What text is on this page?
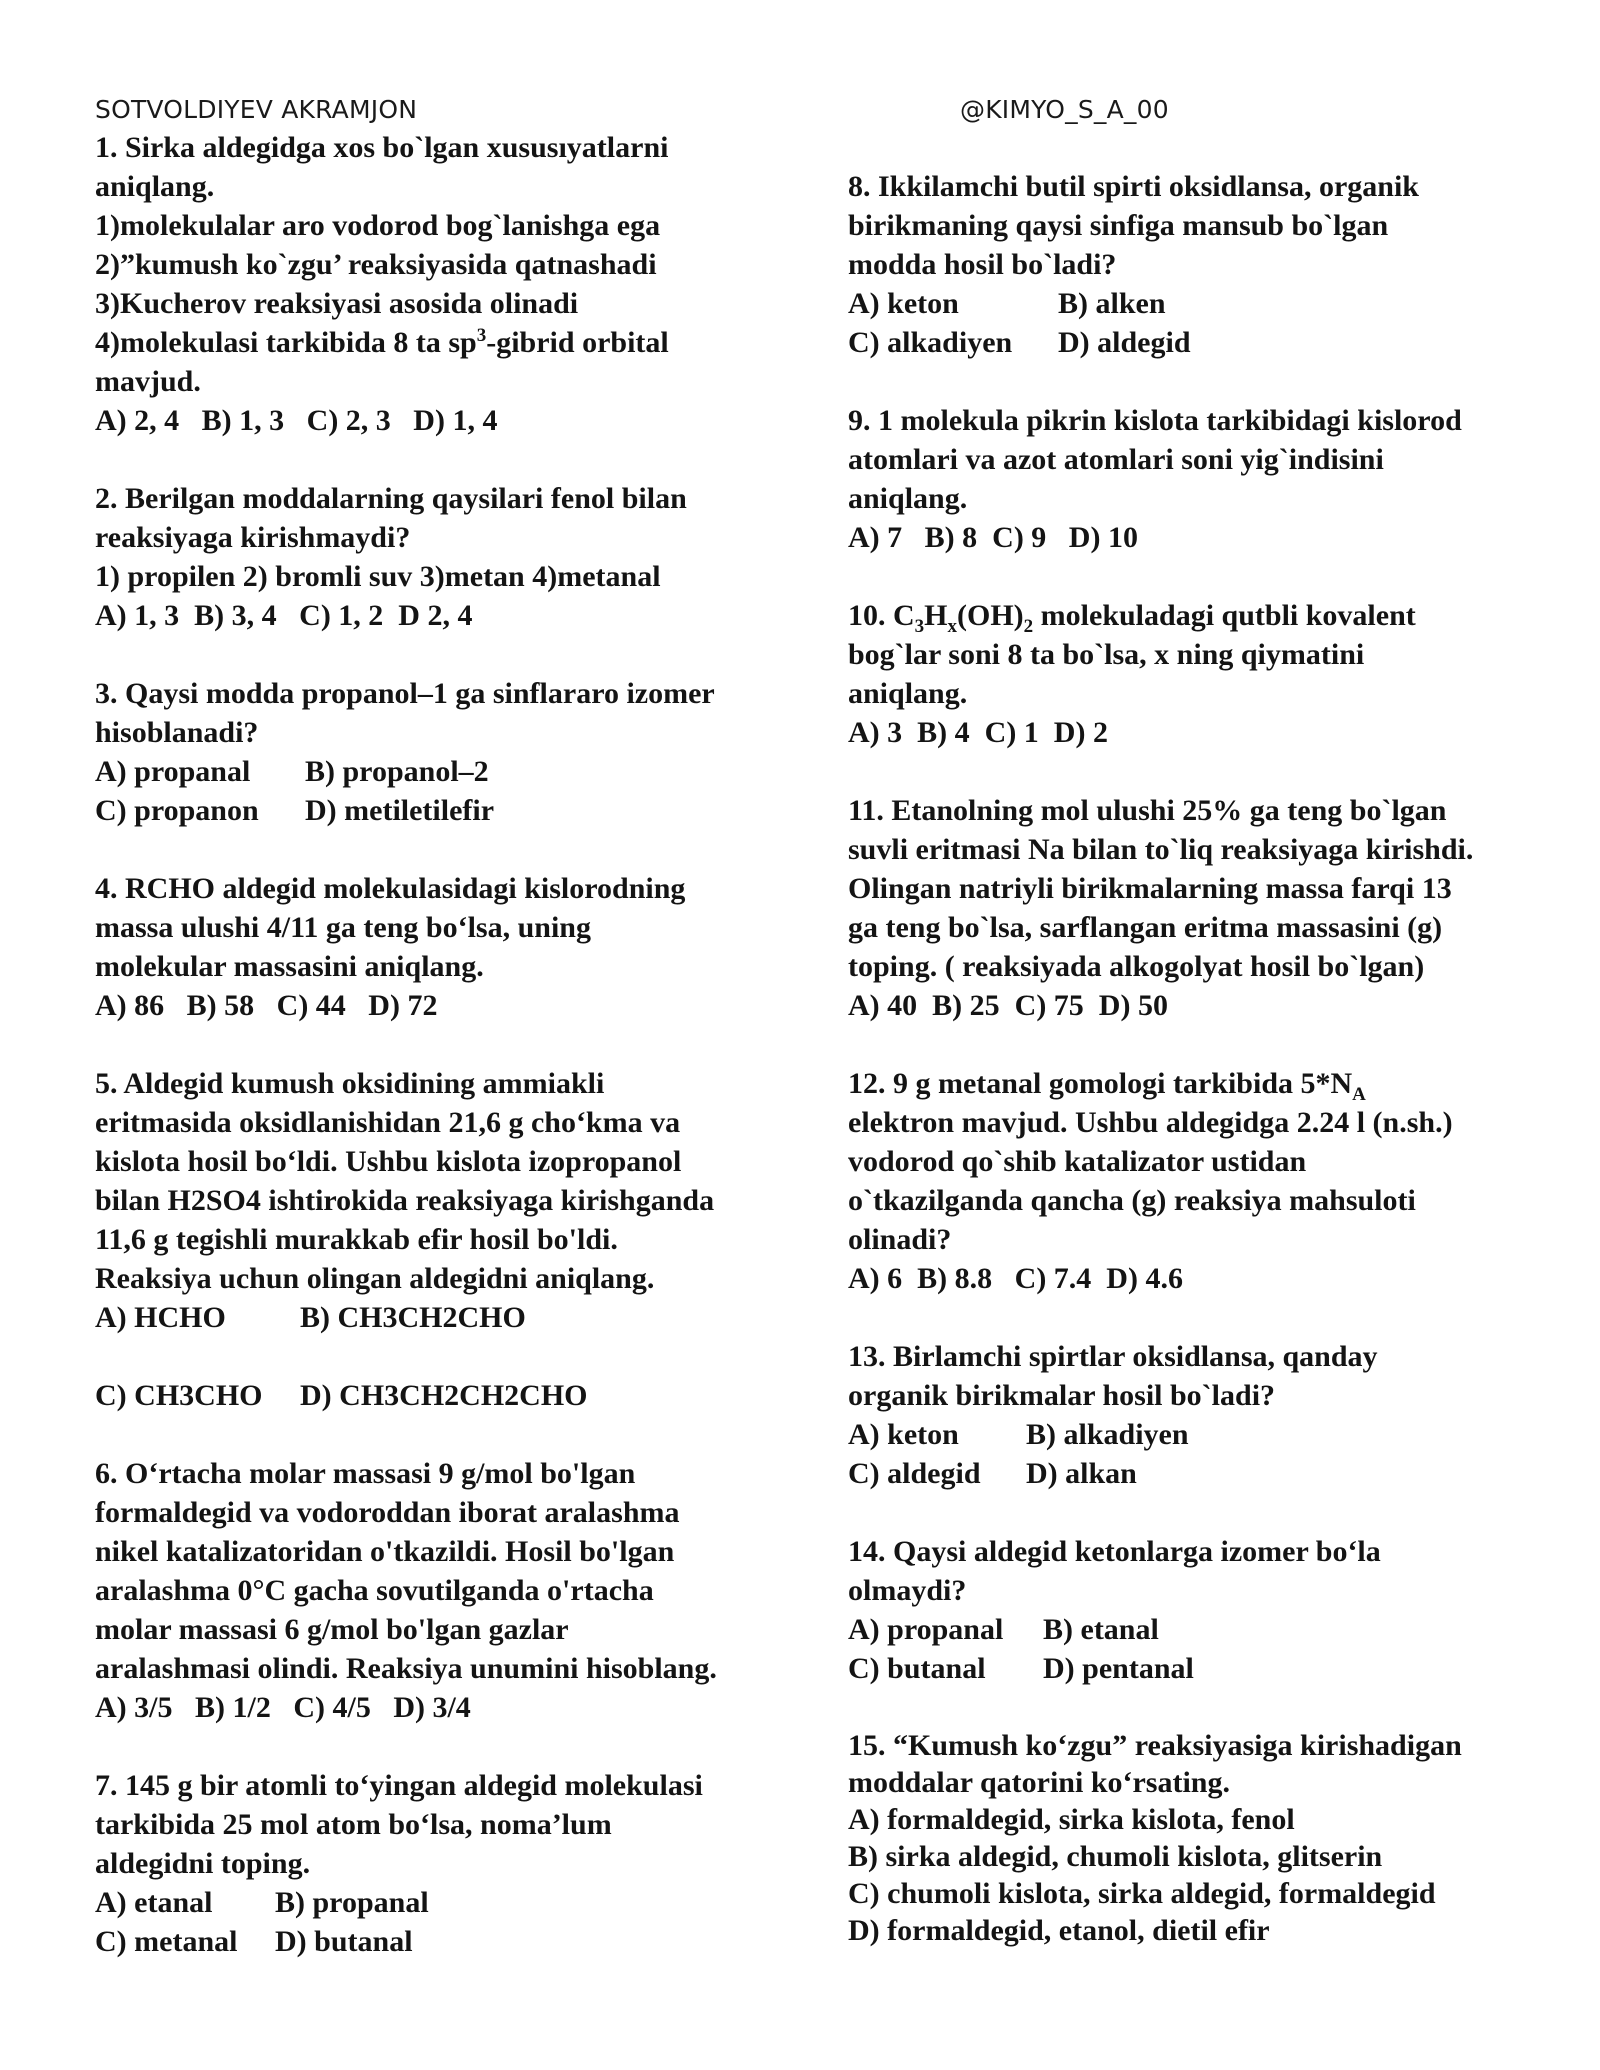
SOTVOLDIYEV AKRAMJON	@KIMYO_S_A_00
1. Sirka aldegidga xos bo`lgan xususıyatlarni
aniqlang.
1)molekulalar aro vodorod bog`lanishga ega
2)”kumush ko`zgu’ reaksiyasida qatnashadi
3)Kucherov reaksiyasi asosida olinadi
4)molekulasi tarkibida 8 ta $sp^3$-gibrid orbital
mavjud.
A) 2, 4   B) 1, 3   C) 2, 3   D) 1, 4
2. Berilgan moddalarning qaysilari fenol bilan
reaksiyaga kirishmaydi?
1) propilen 2) bromli suv 3)metan 4)metanal
A) 1, 3  B) 3, 4   C) 1, 2  D 2, 4
3. Qaysi modda propanol–1 ga sinflararo izomer
hisoblanadi?
A) propanal B) propanol–2
C) propanon D) metiletilefir
4. RCHO aldegid molekulasidagi kislorodning
massa ulushi 4/11 ga teng bo‘lsa, uning
molekular massasini aniqlang.
A) 86   B) 58   C) 44   D) 72
5. Aldegid kumush oksidining ammiakli
eritmasida oksidlanishidan 21,6 g cho‘kma va
kislota hosil bo‘ldi. Ushbu kislota izopropanol
bilan H2SO4 ishtirokida reaksiyaga kirishganda
11,6 g tegishli murakkab efir hosil bo'ldi.
Reaksiya uchun olingan aldegidni aniqlang.
A) HCHO B) CH3CH2CHO
C) CH3CHO D) CH3CH2CH2CHO
6. O‘rtacha molar massasi 9 g/mol bo'lgan
formaldegid va vodoroddan iborat aralashma
nikel katalizatoridan o'tkazildi. Hosil bo'lgan
aralashma 0°C gacha sovutilganda o'rtacha
molar massasi 6 g/mol bo'lgan gazlar
aralashmasi olindi. Reaksiya unumini hisoblang.
A) 3/5   B) 1/2   C) 4/5   D) 3/4
7. 145 g bir atomli to‘yingan aldegid molekulasi
tarkibida 25 mol atom bo‘lsa, noma’lum
aldegidni toping.
A) etanal B) propanal
C) metanal D) butanal
8. Ikkilamchi butil spirti oksidlansa, organik
birikmaning qaysi sinfiga mansub bo`lgan
modda hosil bo`ladi?
A) keton	B) alken
C) alkadiyen D) aldegid
9. 1 molekula pikrin kislota tarkibidagi kislorod
atomlari va azot atomlari soni yig`indisini
aniqlang.
A) 7   B) 8  C) 9   D) 10
10. $C_3H_x(OH)_2$ molekuladagi qutbli kovalent
bog`lar soni 8 ta bo`lsa, x ning qiymatini
aniqlang.
A) 3  B) 4  C) 1  D) 2
11. Etanolning mol ulushi 25% ga teng bo`lgan
suvli eritmasi Na bilan to`liq reaksiyaga kirishdi.
Olingan natriyli birikmalarning massa farqi 13
ga teng bo`lsa, sarflangan eritma massasini (g)
toping. ( reaksiyada alkogolyat hosil bo`lgan)
A) 40  B) 25  C) 75  D) 50
12. 9 g metanal gomologi tarkibida $5*N_A$
elektron mavjud. Ushbu aldegidga 2.24 l (n.sh.)
vodorod qo`shib katalizator ustidan
o`tkazilganda qancha (g) reaksiya mahsuloti
olinadi?
A) 6  B) 8.8   C) 7.4  D) 4.6
13. Birlamchi spirtlar oksidlansa, qanday
organik birikmalar hosil bo`ladi?
A) keton B) alkadiyen
C) aldegid D) alkan
14. Qaysi aldegid ketonlarga izomer bo‘la
olmaydi?
A) propanal B) etanal
C) butanal D) pentanal
15. “Kumush ko‘zgu” reaksiyasiga kirishadigan
moddalar qatorini ko‘rsating.
A) formaldegid, sirka kislota, fenol
B) sirka aldegid, chumoli kislota, glitserin
C) chumoli kislota, sirka aldegid, formaldegid
D) formaldegid, etanol, dietil efir
